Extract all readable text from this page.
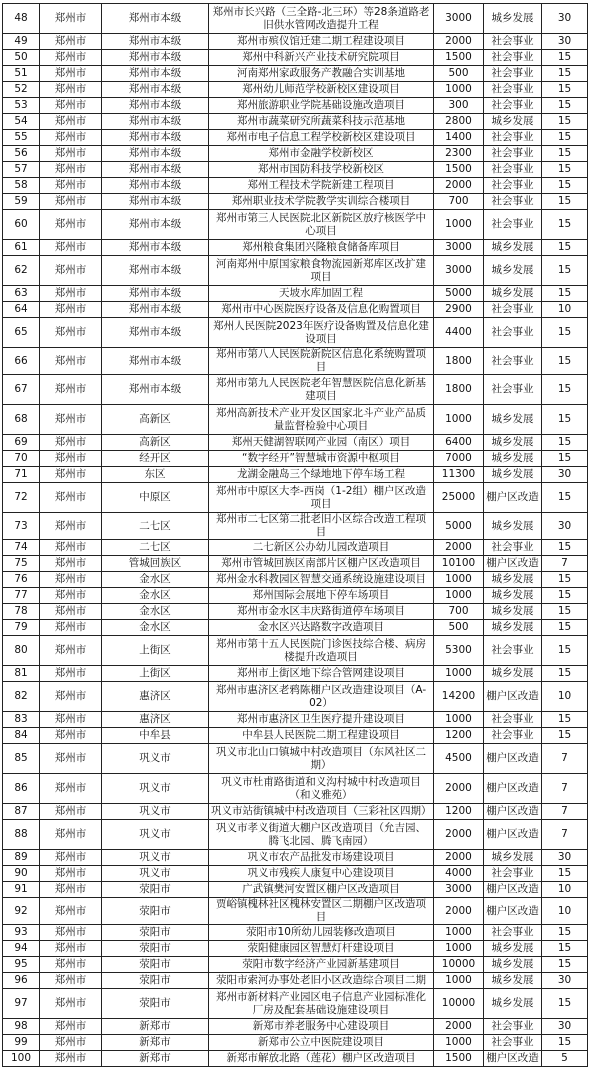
48	郑州市	郑州市本级	郑州市长兴路（三全路-北三环）等28条道路老旧供水管网改造提升工程	3000	城乡发展	30
49	郑州市	郑州市本级	郑州市殡仪馆迁建二期工程建设项目	2000	社会事业	30
50	郑州市	郑州市本级	郑州中科新兴产业技术研究院项目	1500	社会事业	15
51	郑州市	郑州市本级	河南郑州家政服务产教融合实训基地	500	社会事业	15
52	郑州市	郑州市本级	郑州幼儿师范学校新校区建设项目	1000	社会事业	15
53	郑州市	郑州市本级	郑州旅游职业学院基础设施改造项目	300	社会事业	15
54	郑州市	郑州市本级	郑州市蔬菜研究所蔬菜科技示范基地	2800	城乡发展	15
55	郑州市	郑州市本级	郑州市电子信息工程学校新校区建设项目	1400	社会事业	15
56	郑州市	郑州市本级	郑州市金融学校新校区	2300	社会事业	15
57	郑州市	郑州市本级	郑州市国防科技学校新校区	1500	社会事业	15
58	郑州市	郑州市本级	郑州工程技术学院新建工程项目	2000	社会事业	15
59	郑州市	郑州市本级	郑州职业技术学院教学实训综合楼项目	700	社会事业	15
60	郑州市	郑州市本级	郑州市第三人民医院北区新院区放疗核医学中心项目	1000	社会事业	15
61	郑州市	郑州市本级	郑州粮食集团兴隆粮食储备库项目	3000	城乡发展	15
62	郑州市	郑州市本级	河南郑州中原国家粮食物流园新郑库区改扩建项目	3000	城乡发展	15
63	郑州市	郑州市本级	天坡水库加固工程	5000	城乡发展	15
64	郑州市	郑州市本级	郑州市中心医院医疗设备及信息化购置项目	2900	社会事业	10
65	郑州市	郑州市本级	郑州人民医院2023年医疗设备购置及信息化建设项目	4400	社会事业	15
66	郑州市	郑州市本级	郑州市第八人民医院新院区信息化系统购置项目	1800	社会事业	15
67	郑州市	郑州市本级	郑州市第九人民医院老年智慧医院信息化新基建项目	1800	社会事业	15
68	郑州市	高新区	郑州高新技术产业开发区国家北斗产业产品质量监督检验中心项目	1000	城乡发展	15
69	郑州市	高新区	郑州天健湖智联网产业园（南区）项目	6400	城乡发展	15
70	郑州市	经开区	“数字经开”智慧城市资源中枢项目	7000	城乡发展	15
71	郑州市	东区	龙湖金融岛三个绿地地下停车场工程	11300	城乡发展	30
72	郑州市	中原区	郑州市中原区大李-西岗（1-2组）棚户区改造项目	25000	棚户区改造	15
73	郑州市	二七区	郑州市二七区第二批老旧小区综合改造工程项目	5000	城乡发展	30
74	郑州市	二七区	二七新区公办幼儿园改造项目	2000	社会事业	15
75	郑州市	管城回族区	郑州市管城回族区南部片区棚户区改造项目	10100	棚户区改造	7
76	郑州市	金水区	郑州金水科教园区智慧交通系统设施建设项目	1000	城乡发展	15
77	郑州市	金水区	郑州国际会展地下停车场项目	1000	城乡发展	15
78	郑州市	金水区	郑州市金水区丰庆路街道停车场项目	700	城乡发展	15
79	郑州市	金水区	金水区兴达路数字改造项目	500	城乡发展	15
80	郑州市	上街区	郑州市第十五人民医院门诊医技综合楼、病房楼提升改造项目	5300	社会事业	15
81	郑州市	上街区	郑州市上街区地下综合管网建设项目	1000	城乡发展	15
82	郑州市	惠济区	郑州市惠济区老鸦陈棚户区改造建设项目（A-02）	14200	棚户区改造	10
83	郑州市	惠济区	郑州市惠济区卫生医疗提升建设项目	1000	社会事业	15
84	郑州市	中牟县	中牟县人民医院二期工程建设项目	1200	社会事业	15
85	郑州市	巩义市	巩义市北山口镇城中村改造项目（东风社区二期）	4500	棚户区改造	7
86	郑州市	巩义市	巩义市杜甫路街道和义沟村城中村改造项目（和义雅苑）	2000	棚户区改造	7
87	郑州市	巩义市	巩义市站街镇城中村改造项目（三彩社区四期）	1200	棚户区改造	7
88	郑州市	巩义市	巩义市孝义街道大棚户区改造项目（允吉园、腾飞北园、腾飞南园）	2000	棚户区改造	7
89	郑州市	巩义市	巩义市农产品批发市场建设项目	2000	城乡发展	30
90	郑州市	巩义市	巩义市残疾人康复中心建设项目	4000	社会事业	15
91	郑州市	荥阳市	广武镇樊河安置区棚户区改造项目	3000	棚户区改造	10
92	郑州市	荥阳市	贾峪镇槐林社区槐林安置区二期棚户区改造项目	2000	棚户区改造	10
93	郑州市	荥阳市	荥阳市10所幼儿园装修改造项目	1000	社会事业	15
94	郑州市	荥阳市	荥阳健康园区智慧灯杆建设项目	1000	城乡发展	15
95	郑州市	荥阳市	荥阳市数字经济产业园新基建项目	10000	城乡发展	15
96	郑州市	荥阳市	荥阳市索河办事处老旧小区改造综合项目二期	1000	城乡发展	30
97	郑州市	荥阳市	郑州市新材料产业园区电子信息产业园标准化厂房及配套基础设施建设项目	10000	城乡发展	15
98	郑州市	新郑市	新郑市养老服务中心建设项目	2000	社会事业	30
99	郑州市	新郑市	新郑市公立中医院建设项目	1000	社会事业	15
100	郑州市	新郑市	新郑市解放北路（莲花）棚户区改造项目	1500	棚户区改造	5
